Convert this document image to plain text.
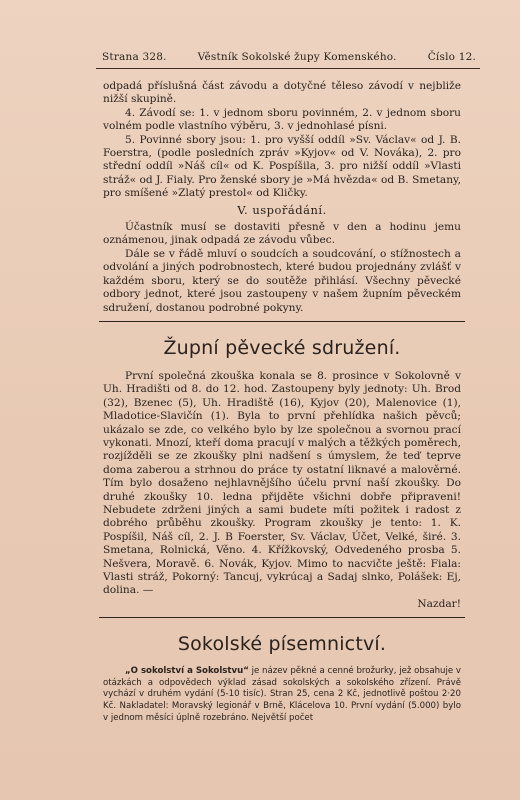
Strana 328.	Věstník Sokolské župy Komenského.	Číslo 12.

odpadá příslušná část závodu a dotyčné těleso závodí v nejbliže nižší skupině.

4. Závodí se: 1. v jednom sboru povinném, 2. v jednom sboru volném podle vlastního výběru, 3. v jednohlasé písni.

5. Povinné sbory jsou: 1. pro vyšší oddíl »Sv. Václav« od J. B. Foerstra, (podle posledních zpráv »Kyjov« od V. Nováka), 2. pro střední oddíl »Náš cíl« od K. Pospíšila, 3. pro nižší oddíl »Vlasti stráž« od J. Fialy. Pro ženské sbory je »Má hvězda« od B. Smetany, pro smíšené »Zlatý prestol« od Kličky.

V. uspořádání.

Účastník musí se dostaviti přesně v den a hodinu jemu oznámenou, jinak odpadá ze závodu vůbec.

Dále se v řádě mluví o soudcích a soudcování, o stížnostech a odvolání a jiných podrobnostech, které budou projednány zvlášť v každém sboru, který se do soutěže přihlásí. Všechny pěvecké odbory jednot, které jsou zastoupeny v našem župním pěveckém sdružení, dostanou podrobné pokyny.

Župní pěvecké sdružení.

První společná zkouška konala se 8. prosince v Sokolovně v Uh. Hradišti od 8. do 12. hod. Zastoupeny byly jednoty: Uh. Brod (32), Bzenec (5), Uh. Hradiště (16), Kyjov (20), Malenovice (1), Mladotice-Slavičín (1). Byla to první přehlídka našich pěvců; ukázalo se zde, co velkého bylo by lze společnou a svornou prací vykonati. Mnozí, kteří doma pracují v malých a těžkých poměrech, rozjížděli se ze zkoušky plni nadšení s úmyslem, že teď teprve doma zaberou a strhnou do práce ty ostatní liknavé a malověrné. Tím bylo dosaženo nejhlavnějšího účelu první naší zkoušky. Do druhé zkoušky 10. ledna přijděte všichni dobře připraveni! Nebudete zdrženi jiných a sami budete míti požitek i radost z dobrého průběhu zkoušky. Program zkoušky je tento: 1. K. Pospíšil, Náš cíl, 2. J. B Foerster, Sv. Václav, Účet, Velké, širé. 3. Smetana, Rolnická, Věno. 4. Křížkovský, Odvedeného prosba 5. Nešvera, Moravě. 6. Novák, Kyjov. Mimo to nacvičte ještě: Fiala: Vlasti stráž, Pokorný: Tancuj, vykrúcaj a Sadaj slnko, Polášek: Ej, dolina. —

Nazdar!
Sokolské písemnictví.

„O sokolství a Sokolstvu“ je název pěkné a cenné brožurky, jež obsahuje v otázkách a odpovědech výklad zásad sokolských a sokolského zřízení. Právě vychází v druhém vydání (5-10 tisíc). Stran 25, cena 2 Kč, jednotlivě poštou 2·20 Kč. Nakladatel: Moravský legionář v Brně, Klácelova 10. První vydání (5.000) bylo v jednom měsíci úplně rozebráno. Největší počet
